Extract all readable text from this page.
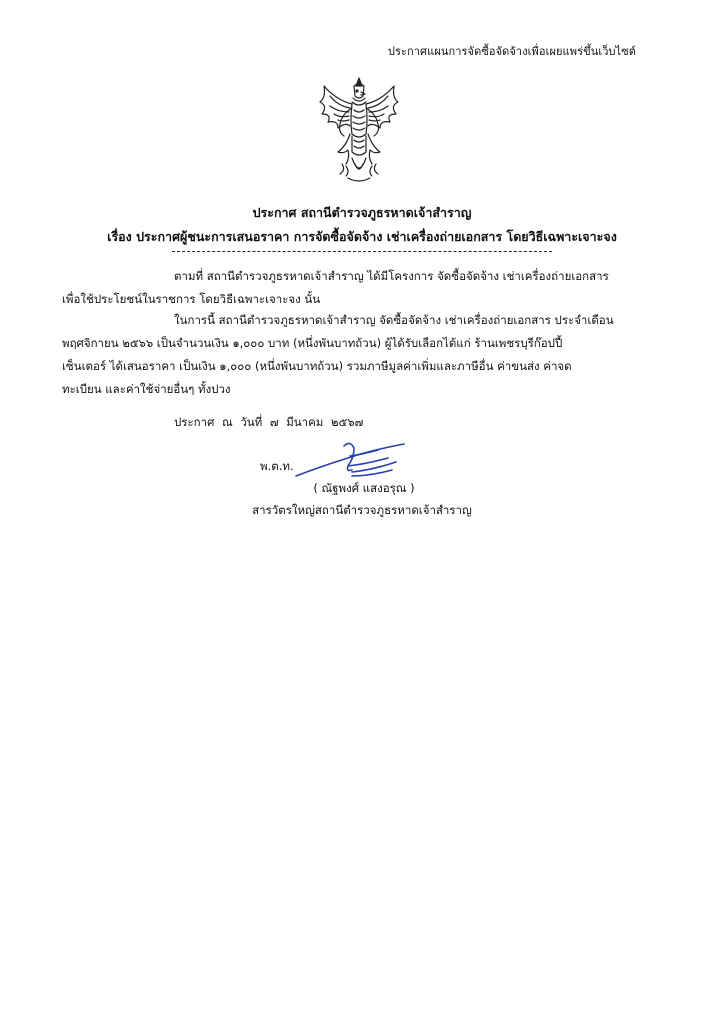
ประกาศแผนการจัดซื้อจัดจ้างเพื่อเผยแพร่ขึ้นเว็บไซต์
ประกาศ สถานีตำรวจภูธรหาดเจ้าสำราญ
เรื่อง ประกาศผู้ชนะการเสนอราคา การจัดซื้อจัดจ้าง เช่าเครื่องถ่ายเอกสาร โดยวิธีเฉพาะเจาะจง
ตามที่ สถานีตำรวจภูธรหาดเจ้าสำราญ ได้มีโครงการ จัดซื้อจัดจ้าง เช่าเครื่องถ่ายเอกสาร
เพื่อใช้ประโยชน์ในราชการ โดยวิธีเฉพาะเจาะจง นั้น
ในการนี้ สถานีตำรวจภูธรหาดเจ้าสำราญ จัดซื้อจัดจ้าง เช่าเครื่องถ่ายเอกสาร ประจำเดือน
พฤศจิกายน ๒๕๖๖ เป็นจำนวนเงิน ๑,๐๐๐ บาท (หนึ่งพันบาทถ้วน) ผู้ได้รับเลือกได้แก่ ร้านเพชรบุรีก๊อปปี้
เซ็นเตอร์ ได้เสนอราคา เป็นเงิน ๑,๐๐๐ (หนึ่งพันบาทถ้วน) รวมภาษีมูลค่าเพิ่มและภาษีอื่น ค่าขนส่ง ค่าจด
ทะเบียน และค่าใช้จ่ายอื่นๆ ทั้งปวง
ประกาศ ณ วันที่ ๗ มีนาคม ๒๕๖๗
พ.ต.ท.
( ณัฐพงศ์ แสงอรุณ )
สารวัตรใหญ่สถานีตำรวจภูธรหาดเจ้าสำราญ
